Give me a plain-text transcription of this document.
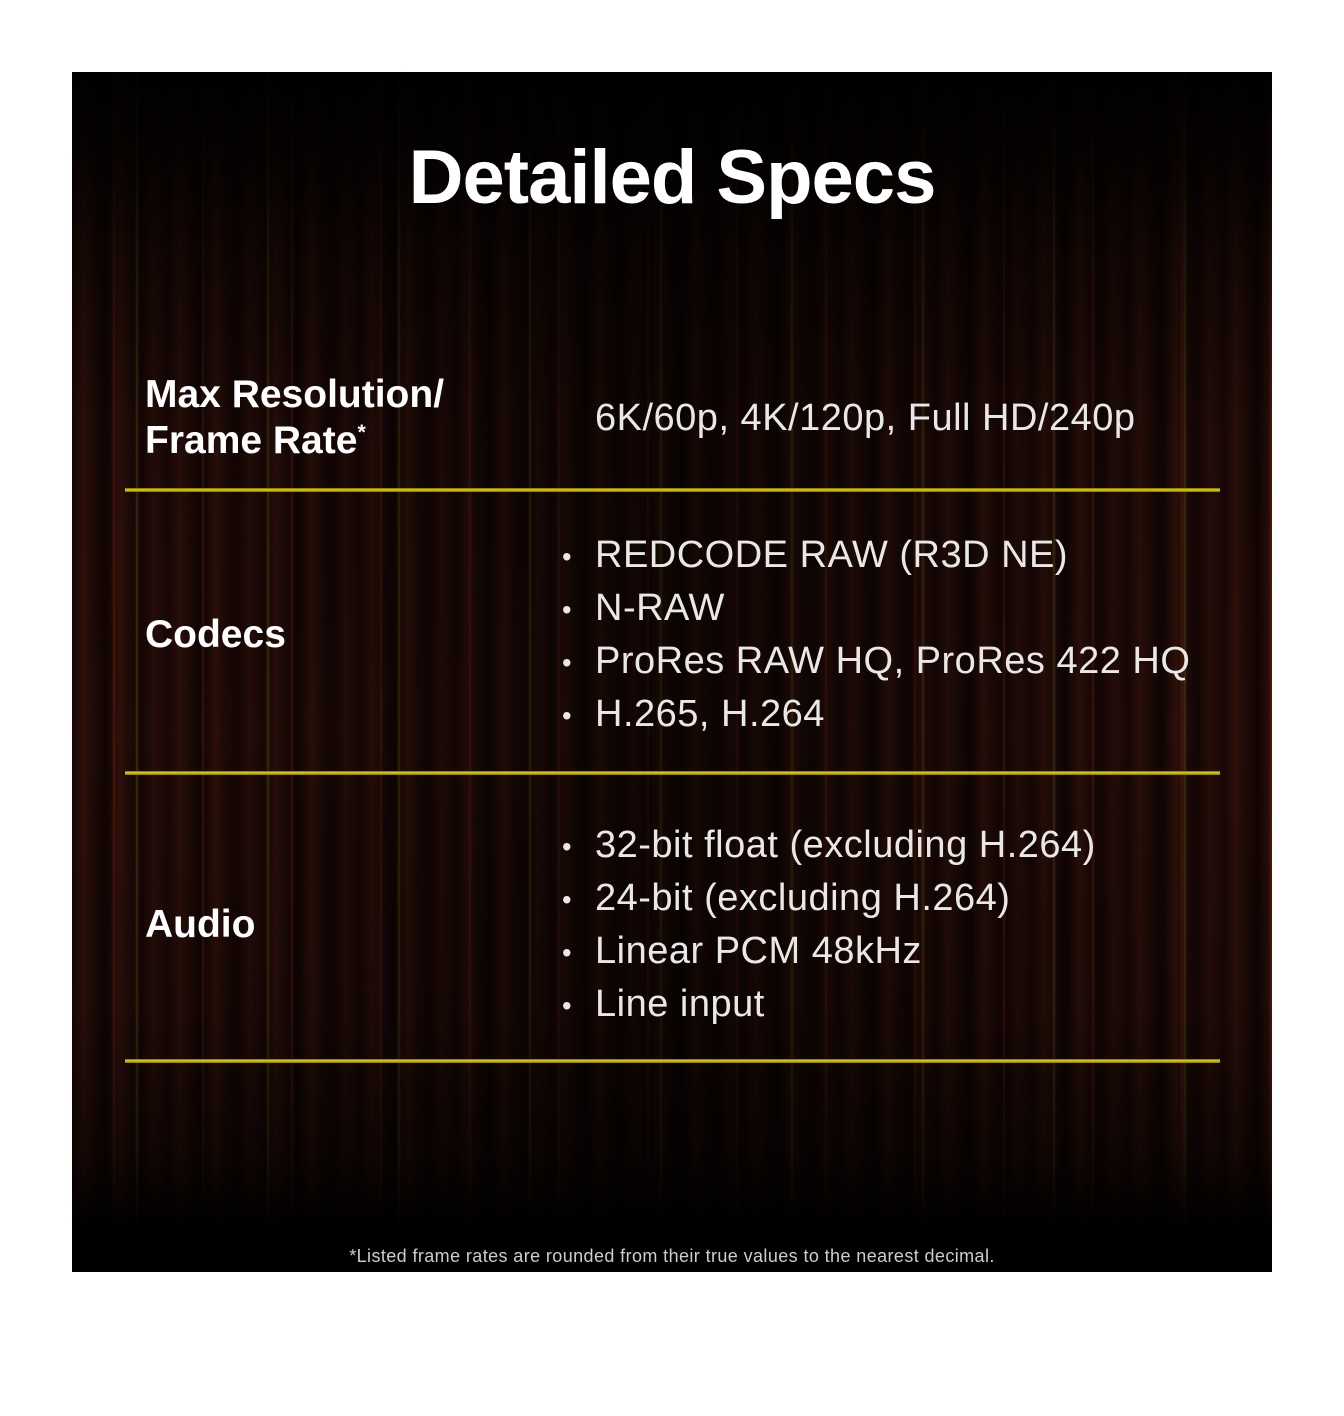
Detailed Specs
Max Resolution/
Frame Rate*	6K/60p, 4K/120p, Full HD/240p
Codecs
• REDCODE RAW (R3D NE)
• N-RAW
• ProRes RAW HQ, ProRes 422 HQ
• H.265, H.264
Audio
• 32-bit float (excluding H.264)
• 24-bit (excluding H.264)
• Linear PCM 48kHz
• Line input

*Listed frame rates are rounded from their true values to the nearest decimal.
